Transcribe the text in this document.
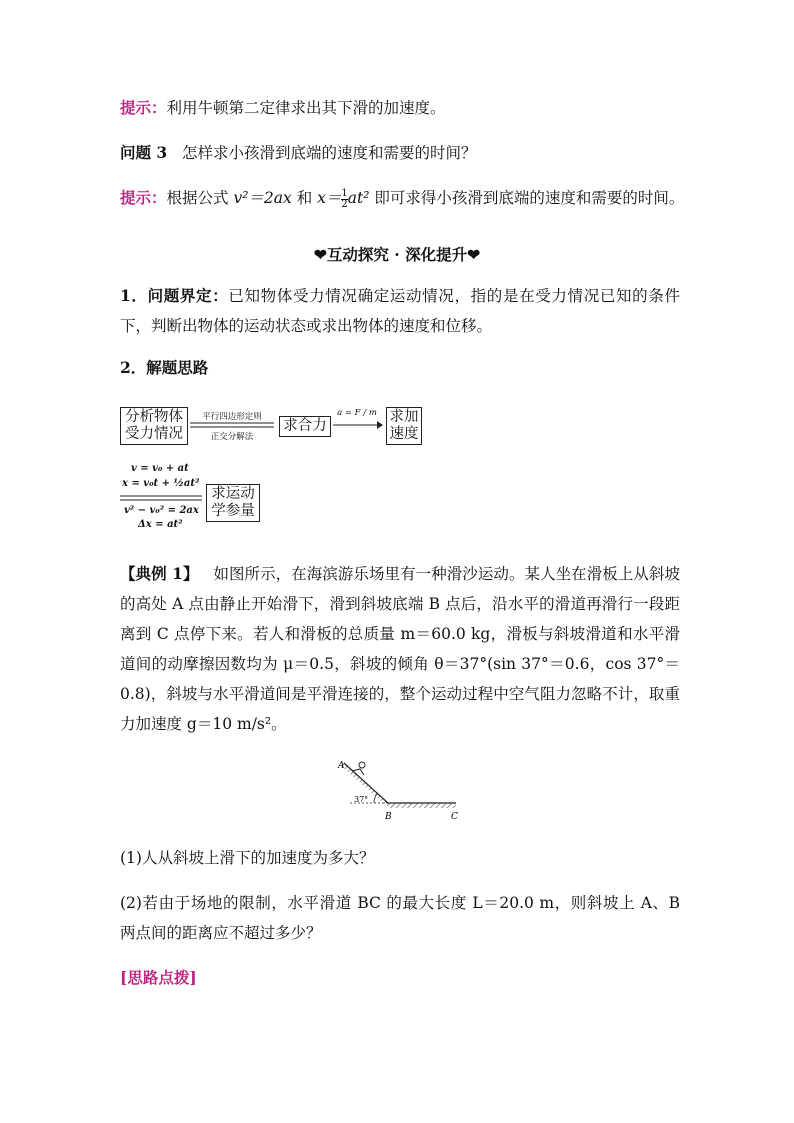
提示：利用牛顿第二定律求出其下滑的加速度。
问题 3 怎样求小孩滑到底端的速度和需要的时间？
提示：根据公式 v²＝2ax 和 $x= \frac{1}{2} at^2$ 即可求得小孩滑到底端的速度和需要的时间。
❤互动探究 · 深化提升❤
1．问题界定：已知物体受力情况确定运动情况，指的是在受力情况已知的条件下，判断出物体的运动状态或求出物体的速度和位移。
2．解题思路
分析物体受力情况
平行四边形定则
正交分解法
求合力
a = F / m 求加速度
v = v₀ + at
x = v₀t + ½at²
v² − v₀² = 2ax
Δx = at²
求运动学参量
【典例 1】 如图所示，在海滨游乐场里有一种滑沙运动。某人坐在滑板上从斜坡的高处 A 点由静止开始滑下，滑到斜坡底端 B 点后，沿水平的滑道再滑行一段距离到 C 点停下来。若人和滑板的总质量 m＝60.0 kg，滑板与斜坡滑道和水平滑道间的动摩擦因数均为 μ＝0.5，斜坡的倾角 θ＝37°(sin 37°＝0.6，cos 37°＝0.8)，斜坡与水平滑道间是平滑连接的，整个运动过程中空气阻力忽略不计，取重力加速度 g＝10 m/s²。
A
B	C
37°
(1)人从斜坡上滑下的加速度为多大？
(2)若由于场地的限制，水平滑道 BC 的最大长度 L＝20.0 m，则斜坡上 A、B 两点间的距离应不超过多少？
[思路点拨]
